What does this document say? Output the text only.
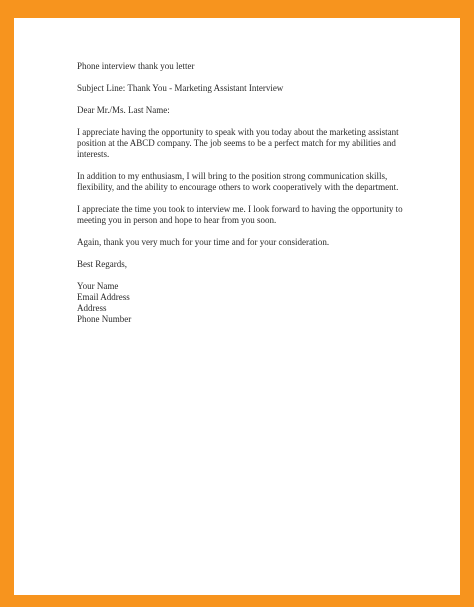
Phone interview thank you letter

Subject Line: Thank You - Marketing Assistant Interview

Dear Mr./Ms. Last Name:

I appreciate having the opportunity to speak with you today about the marketing assistant position at the ABCD company. The job seems to be a perfect match for my abilities and interests.

In addition to my enthusiasm, I will bring to the position strong communication skills, flexibility, and the ability to encourage others to work cooperatively with the department.

I appreciate the time you took to interview me. I look forward to having the opportunity to meeting you in person and hope to hear from you soon.

Again, thank you very much for your time and for your consideration.

Best Regards,

Your Name
Email Address
Address
Phone Number
